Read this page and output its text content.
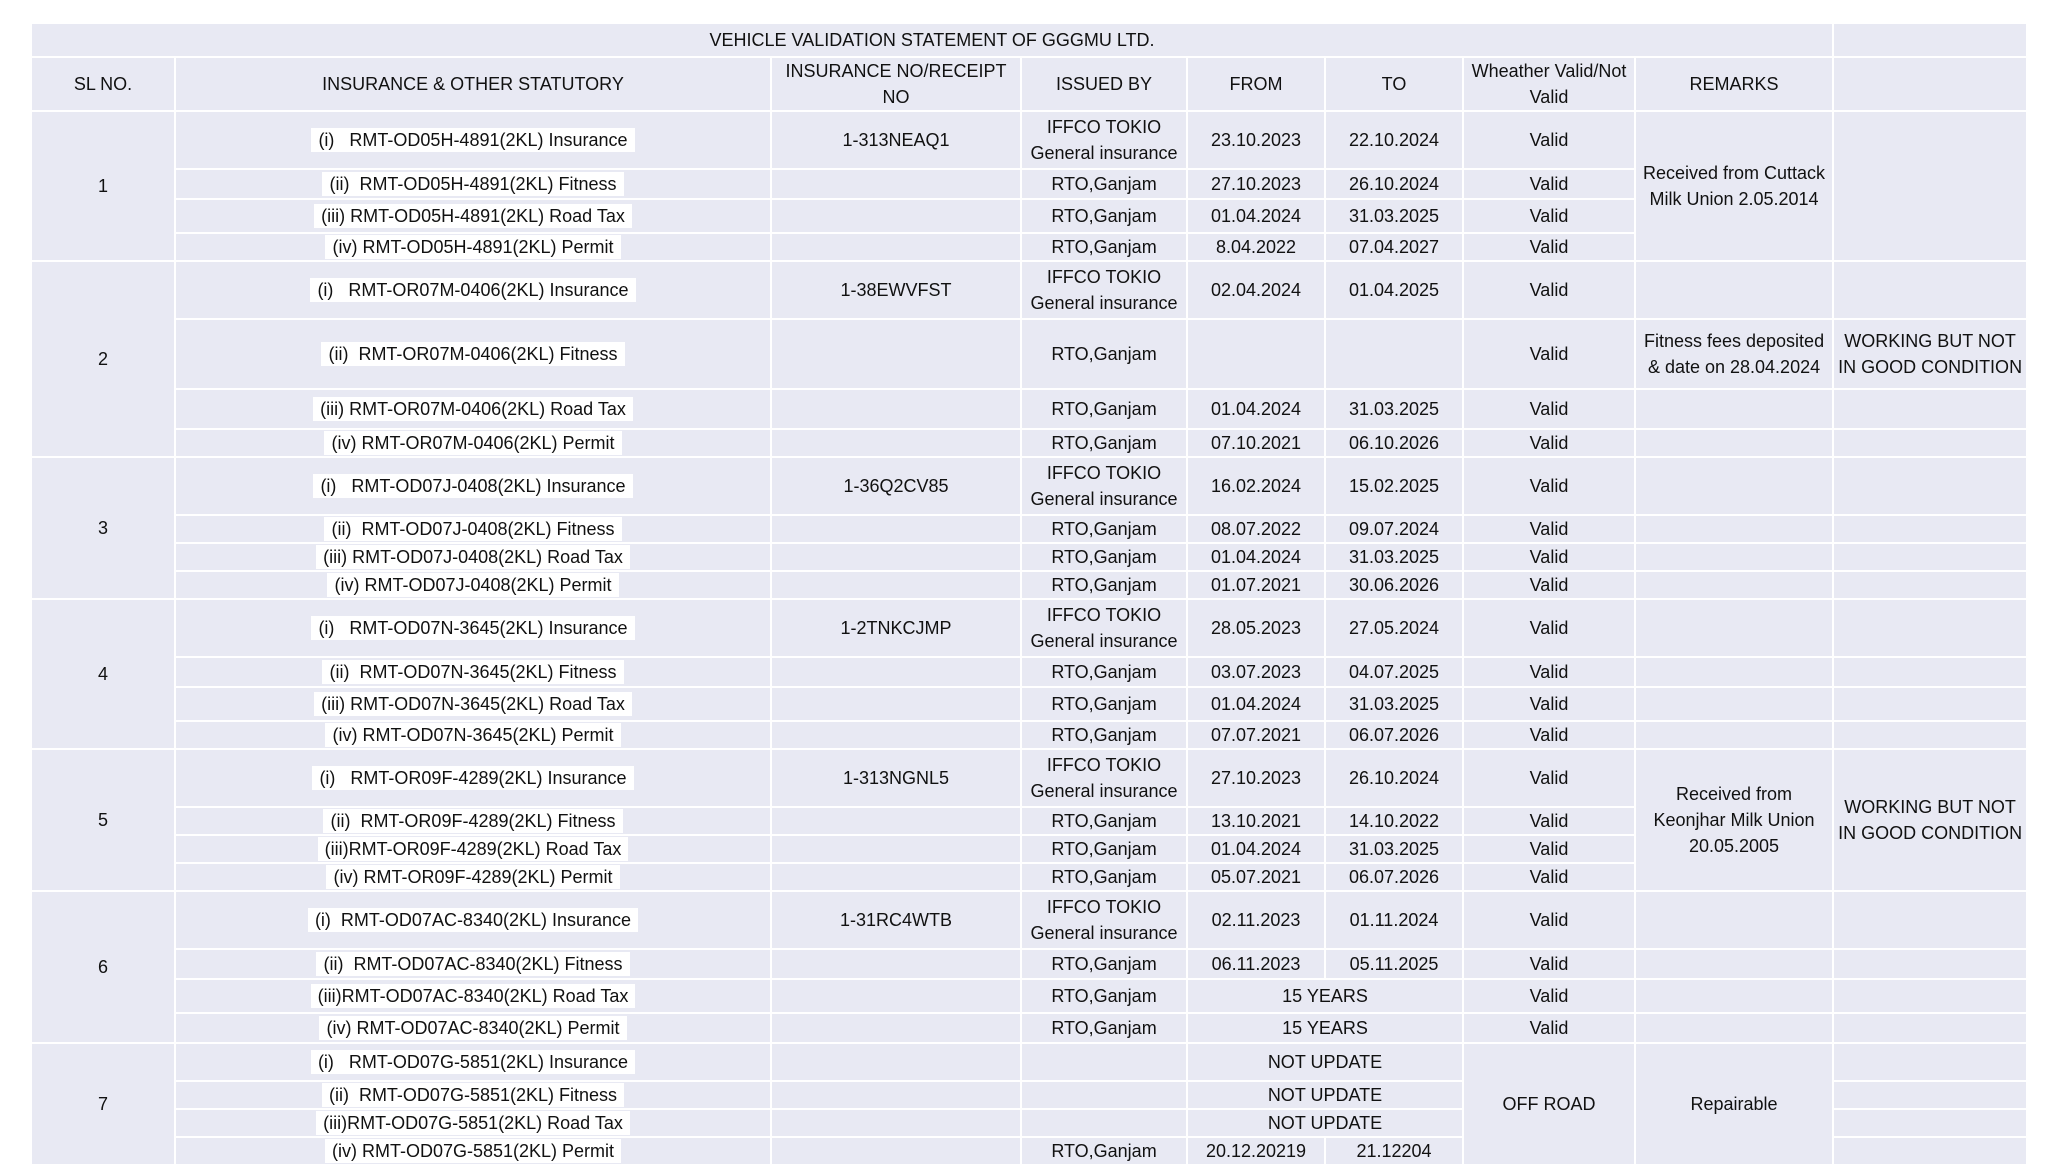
VEHICLE VALIDATION STATEMENT OF GGGMU LTD.								
SL NO.	INSURANCE & OTHER STATUTORY	INSURANCE NO/RECEIPT NO	ISSUED BY	FROM	TO	Wheather Valid/Not Valid	REMARKS	
1	(i)   RMT-OD05H-4891(2KL) Insurance	1-313NEAQ1	IFFCO TOKIO General insurance	23.10.2023	22.10.2024	Valid	Received from Cuttack Milk Union 2.05.2014	
	(ii)  RMT-OD05H-4891(2KL) Fitness		RTO,Ganjam	27.10.2023	26.10.2024	Valid		
	(iii) RMT-OD05H-4891(2KL) Road Tax		RTO,Ganjam	01.04.2024	31.03.2025	Valid		
	(iv) RMT-OD05H-4891(2KL) Permit		RTO,Ganjam	8.04.2022	07.04.2027	Valid		
2	(i)   RMT-OR07M-0406(2KL) Insurance	1-38EWVFST	IFFCO TOKIO General insurance	02.04.2024	01.04.2025	Valid		
	(ii)  RMT-OR07M-0406(2KL) Fitness		RTO,Ganjam			Valid	Fitness fees deposited & date on 28.04.2024	WORKING BUT NOT IN GOOD CONDITION
	(iii) RMT-OR07M-0406(2KL) Road Tax		RTO,Ganjam	01.04.2024	31.03.2025	Valid		
	(iv) RMT-OR07M-0406(2KL) Permit		RTO,Ganjam	07.10.2021	06.10.2026	Valid		
3	(i)   RMT-OD07J-0408(2KL) Insurance	1-36Q2CV85	IFFCO TOKIO General insurance	16.02.2024	15.02.2025	Valid		
	(ii)  RMT-OD07J-0408(2KL) Fitness		RTO,Ganjam	08.07.2022	09.07.2024	Valid		
	(iii) RMT-OD07J-0408(2KL) Road Tax		RTO,Ganjam	01.04.2024	31.03.2025	Valid		
	(iv) RMT-OD07J-0408(2KL) Permit		RTO,Ganjam	01.07.2021	30.06.2026	Valid		
4	(i)   RMT-OD07N-3645(2KL) Insurance	1-2TNKCJMP	IFFCO TOKIO General insurance	28.05.2023	27.05.2024	Valid		
	(ii)  RMT-OD07N-3645(2KL) Fitness		RTO,Ganjam	03.07.2023	04.07.2025	Valid		
	(iii) RMT-OD07N-3645(2KL) Road Tax		RTO,Ganjam	01.04.2024	31.03.2025	Valid		
	(iv) RMT-OD07N-3645(2KL) Permit		RTO,Ganjam	07.07.2021	06.07.2026	Valid		
5	(i)   RMT-OR09F-4289(2KL) Insurance	1-313NGNL5	IFFCO TOKIO General insurance	27.10.2023	26.10.2024	Valid	Received from Keonjhar Milk Union 20.05.2005	WORKING BUT NOT IN GOOD CONDITION
	(ii)  RMT-OR09F-4289(2KL) Fitness		RTO,Ganjam	13.10.2021	14.10.2022	Valid		
	(iii)RMT-OR09F-4289(2KL) Road Tax		RTO,Ganjam	01.04.2024	31.03.2025	Valid		
	(iv) RMT-OR09F-4289(2KL) Permit		RTO,Ganjam	05.07.2021	06.07.2026	Valid		
6	(i)  RMT-OD07AC-8340(2KL) Insurance	1-31RC4WTB	IFFCO TOKIO General insurance	02.11.2023	01.11.2024	Valid		
	(ii)  RMT-OD07AC-8340(2KL) Fitness		RTO,Ganjam	06.11.2023	05.11.2025	Valid		
	(iii)RMT-OD07AC-8340(2KL) Road Tax		RTO,Ganjam	15 YEARS		Valid		
	(iv) RMT-OD07AC-8340(2KL) Permit		RTO,Ganjam	15 YEARS		Valid		
7	(i)   RMT-OD07G-5851(2KL) Insurance			NOT UPDATE		OFF ROAD	Repairable	
	(ii)  RMT-OD07G-5851(2KL) Fitness			NOT UPDATE				
	(iii)RMT-OD07G-5851(2KL) Road Tax			NOT UPDATE				
	(iv) RMT-OD07G-5851(2KL) Permit		RTO,Ganjam	20.12.20219	21.12204			
